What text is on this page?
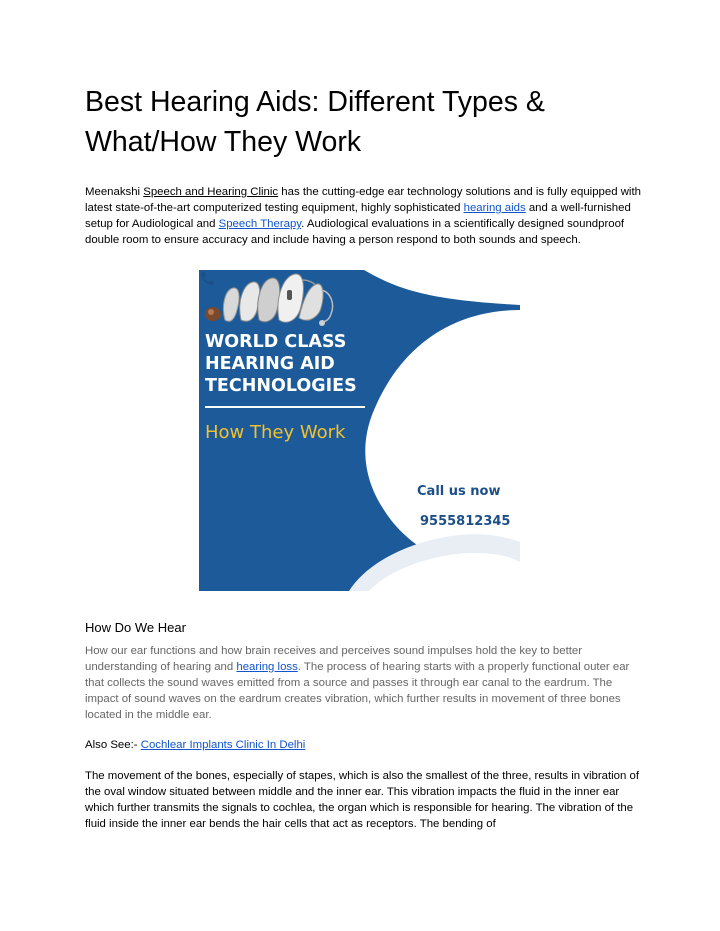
Best Hearing Aids: Different Types & What/How They Work

Meenakshi Speech and Hearing Clinic has the cutting-edge ear technology solutions and is fully equipped with latest state-of-the-art computerized testing equipment, highly sophisticated hearing aids and a well-furnished setup for Audiological and Speech Therapy. Audiological evaluations in a scientifically designed soundproof double room to ensure accuracy and include having a person respond to both sounds and speech.

WORLD CLASS
HEARING AID
TECHNOLOGIES
How They Work
Call us now
9555812345
How Do We Hear

How our ear functions and how brain receives and perceives sound impulses hold the key to better understanding of hearing and hearing loss. The process of hearing starts with a properly functional outer ear that collects the sound waves emitted from a source and passes it through ear canal to the eardrum. The impact of sound waves on the eardrum creates vibration, which further results in movement of three bones located in the middle ear.

Also See:- Cochlear Implants Clinic In Delhi

The movement of the bones, especially of stapes, which is also the smallest of the three, results in vibration of the oval window situated between middle and the inner ear. This vibration impacts the fluid in the inner ear which further transmits the signals to cochlea, the organ which is responsible for hearing. The vibration of the fluid inside the inner ear bends the hair cells that act as receptors. The bending of
